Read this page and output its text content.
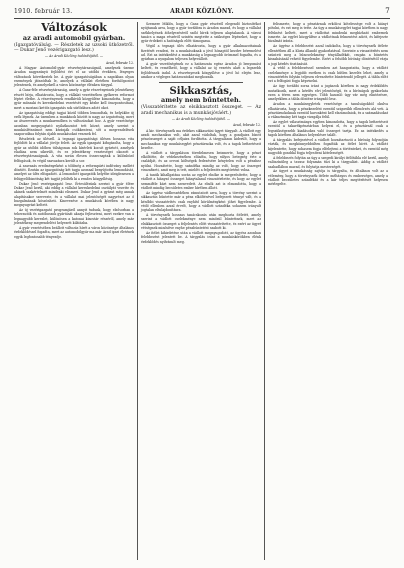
1910. február 13.	ARADI KÖZLÖNY.	7
Változások
az aradi automobil gyárban.
(Igazgatóválság. — Részletek az uzsoki ütközetről. — Dukar Jenő vezérigazgató lesz.)
— Az Aradi Közlöny tudósítójától. —
Arad, február 12.

A Magyar Automobil-gyár részvénytársaságnál, amelynek üzeme Aradon nagyarányú fejlődést ért el az utóbbi években, lényeges változások következtek be. A gyár igazgatóságában a napokban olyan események játszódtak le, amelyek a vállalat életében fordulópontot jelentenek, és amelyekről a város közönsége élénken tárgyal.

A Ganz-féle részvénytársaság, amely a gyár részvényeinek jelentékeny részét bírja, elhatározta, hogy a vállalat vezetésében gyökeres reformot léptet életbe. A részvényesek rendkívüli közgyűlése kimondotta, hogy a gyár műszaki és kereskedelmi vezetését egy kézbe kell összpontosítani, mert a mostani kettős igazgatás sok súrlódásra adott okot.

Az igazgatóság eddigi tagjai közül többen lemondtak, és helyükbe új erők lépnek. Az üzemben a munkások között is nagy az izgatottság, mert az átszervezés a munkarendben is változásokat hoz. A gyár vezetősége azonban megnyugtató nyilatkozatot tett közzé, amely szerint a munkáslétszámot nem kívánják csökkenteni, sőt a megrendelések szaporodása folytán újabb munkásokat vesznek fel.

Részletek az ülésről. A tegnapi igazgatósági ülésen hosszas vita fejlődött ki a vállalat jövője felett. Az egyik igazgató kifogásolta, hogy a gyár az utóbbi időben túlságosan sok kísérleti kocsit gyártott, amelyek eladása nem sikerült, és ez jelentékeny veszteséget okozott a részvénytársaságnak. A vita során élesen összecsaptak a különböző felfogások, és végül szavazásra került a sor.

A szavazás eredményeként a többség a reformpárti indítvány mellett döntött. Ezután az igazgatóság két tagja azonnal benyújtotta lemondását, amelyet az ülés elfogadott. A lemondott igazgatók helyébe ideiglenesen a felügyelőbizottság két tagját jelölték ki a rendes közgyűlésig.

Dukar Jenő vezérigazgató lesz. Értesülésünk szerint a gyár élére Dukar Jenő kerül, aki eddig a vállalat kereskedelmi osztályát vezette és akinek szakértelmét mindenki elismeri. Dukar Jenő a gyárat még annak alapításakor szervezte, és a vállalat mai jelentőségét nagyrészt az ő buzgalmának köszönheti. Kinevezése a munkások körében is nagy megnyugvást keltett.

Az új vezérigazgató programjáról annyit tudunk, hogy elsősorban a teherautók és autóbuszok gyártását akarja fejleszteni, mert ezekre van a legnagyobb kereslet, különösen a katonai kincstár részéről, amely már jelentékeny megrendelést helyezett kilátásba.

A gyár vezetésében beállott változás hírét a város közönsége általános érdeklődéssel fogadta, mert az automobilgyár ma már Arad ipari életének egyik legfontosabb tényezője.

Szemere Miklós, hogy a Ganz gyár részéről elegendő biztosítékot nyújtanak arra, hogy a gyár továbbra is Aradon marad, és hogy a vállalat székhelyének áthelyezéséről szóló hírek teljesen alaptalanok. A városi tanács a maga részéről szintén megtette a szükséges lépéseket, hogy a gyár érdekeit a hatóságok előtt támogassa.

Végül a tegnapi ülés elhatározta, hogy a gyár alkalmazottainak fizetését rendezi, és a munkásoknak a jövő hónaptól kezdve béremelést ad. Ezt az intézkedést a munkásság a legnagyobb örömmel fogadta, és a gyárban a nyugalom teljesen helyreállott.

A gyár vezetőségének ez a határozata egész Aradon jó benyomást keltett, és remélhető, hogy a vállalat az új vezetés alatt a legszebb fejlődésnek indul. A részvényesek közgyűlése a jövő hó elején lesz, amikor a végleges határozatokat meghozzák.

Sikkasztás,
amely nem bűntetteh.
(Visszatérítette az elsikkasztott összeget. — Az aradi mechanikus is a munkásjóváért.)
— Az Aradi Közlöny tudósítójától. —
Arad, február 12.

A kir. törvényszék ma érdekes sikkasztási ügyet tárgyalt. A vádlott egy aradi mechanikus volt, akit azzal vádoltak, hogy a gondjaira bízott pénzösszeget a saját céljaira fordította. A tárgyaláson kiderült, hogy a mechanikus egy munkásegylet pénztárnoka volt, és a tagok befizetéseit kezelte.

A vádlott a tárgyaláson töredelmesen beismerte, hogy a pénzt elköltötte, de védekezésében előadta, hogy súlyos betegség érte a családját, és az orvosi költségek fedezésére kénytelen volt a pénzhez nyúlni. Hozzátette, hogy szándéka mindig az volt, hogy az összeget visszafizeti, amit meg is tett, mielőtt a feljelentés megtörtént volna.

A tanúk kihallgatása során az egylet elnöke is megerősítette, hogy a vádlott a hiányzó összeget hiánytalanul visszatérítette, és hogy az egylet semmiféle kárt nem szenvedett. Az elnök azt is elmondotta, hogy a vádlott mindig becsületes ember hírében állott.

Az ügyész vádbeszédében rámutatott arra, hogy a törvény szerint a sikkasztás bűntette már a pénz elköltésével befejezett ténnyé vált, és a későbbi visszatérítés csak enyhítő körülményként jöhet figyelembe. A védő ellenben azzal érvelt, hogy a vádlott szándéka sohasem irányult jogtalan eltulajdonításra.

A törvényszék hosszas tanácskozás után meghozta ítéletét, amely szerint a vádlott cselekménye nem minősül bűntettnek, mert az elsikkasztott összeget a feljelentés előtt visszatérítette, és ezért az ügyet vétségnek minősítve enyhe pénzbüntetést szabott ki.

Az ítélet kihirdetése után a vádlott megnyugodott, az ügyész azonban felebbezést jelentett be. A tárgyalás iránt a munkáskörökben élénk érdeklődés nyilvánult meg.

felismerte, hogy a pénztárnak erkölcsi kötelessége volt a hiányt pótolni, és ezt meg is tette. Az ügy a munkásegylet tagjai körében is nagy feltűnést keltett, mert a vádlottat mindenki megbízható embernek ismerte. Az egylet közgyűlése a vádlottnak felmentést adott, és kifejezte bizalmát iránta.

Az ügyész a felebbezést azzal indokolta, hogy a törvényszék ítélete ellentétben áll a Kúria állandó gyakorlatával. Szerinte a visszatérítés nem szünteti meg a bűncselekmény tényálladékát, csupán a büntetés kiszabásánál vehető figyelembe. Ezért a felsőbb bíróság döntésétől várja a jogi kérdés tisztázását.

A védő a felebbezéssel szemben azt hangoztatta, hogy a vádlott cselekménye a legjobb esetben is csak hűtlen kezelés lehet, amely a visszatérítés folytán teljesen elveszítette büntetendő jellegét. A tábla előtt ezt a felfogást fogja képviselni.

Az ügy további sorsa iránt a jogászok körében is nagy érdeklődés mutatkozik, mert a kérdés elvi jelentőségű, és a bíróságok gyakorlata ezen a téren nem egységes. Több hasonló ügy vár még elintézésre, amelyekben a tábla döntése irányadó lesz.

Aradon a munkásegyletek vezetősége a tanulságokból okulva elhatározta, hogy a pénzkezelést ezentúl szigorúbb ellenőrzés alá veti. A pénztárnokoknak ezentúl havonként kell elszámolniok, és a számadásokat a választmány két tagja vizsgálja felül.

Az egylet választmánya egyben kimondotta, hogy a tagok befizetéseit ezentúl a takarékpénztárban helyezi el, és a pénztárnál csak a legszükségesebb kiadásokra való összeget tartja. Ez az intézkedés a tagok körében általános helyeslésre talált.

A tárgyalás befejeztével a vádlott hozzátartozói a bíróság folyosóján várták, és megkönnyebbülten fogadták az ítélet hírét. A vádlott kijelentette, hogy sohasem fogja elfelejteni a történteket, és ezentúl még nagyobb gonddal fogja teljesíteni kötelességét.

A felebbezés folytán az ügy a szegedi királyi ítélőtábla elé kerül, amely valószínűleg a tavasz folyamán tűzi ki a tárgyalást. Addig a vádlott szabadlábon marad, és folytatja mesterségét.

Az ügyet a munkásság sajtója is tárgyalta, és általános volt az a vélemény, hogy a törvényszék ítélete méltányos és emberséges, amely a vádlott becsületes szándékát és a kár teljes megtérítését helyesen mérlegelte.
